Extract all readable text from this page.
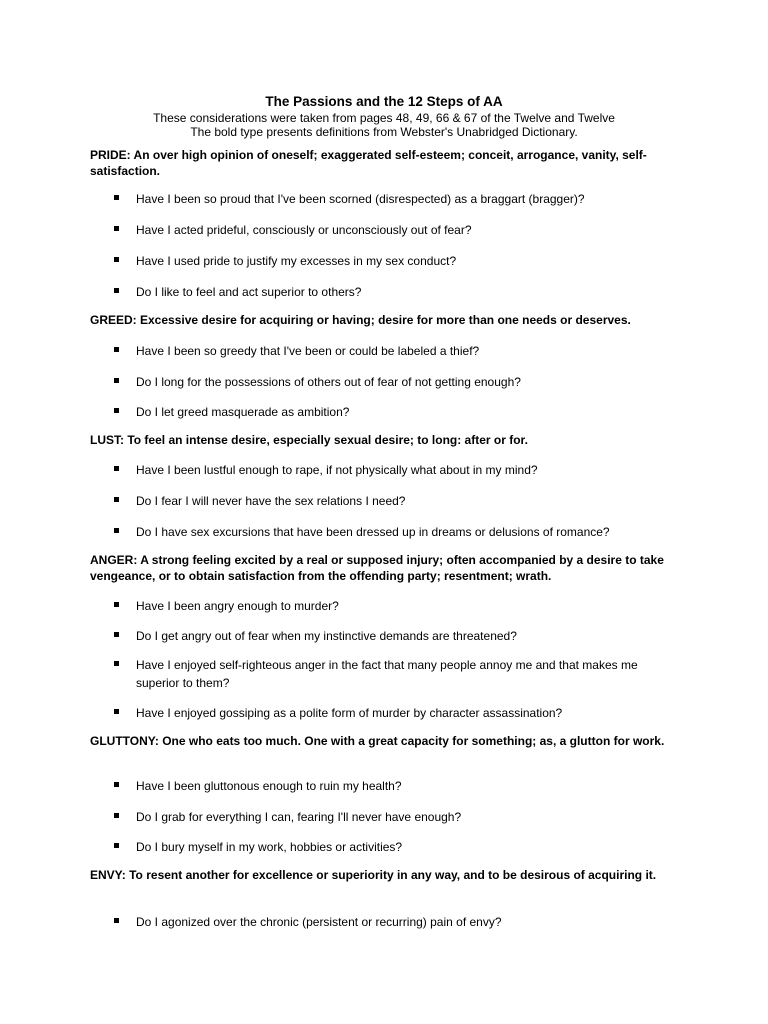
The Passions and the 12 Steps of AA
These considerations were taken from pages 48, 49, 66 & 67 of the Twelve and Twelve
The bold type presents definitions from Webster's Unabridged Dictionary.
PRIDE: An over high opinion of oneself; exaggerated self-esteem; conceit, arrogance, vanity, self-satisfaction.
Have I been so proud that I've been scorned (disrespected) as a braggart (bragger)?
Have I acted prideful, consciously or unconsciously out of fear?
Have I used pride to justify my excesses in my sex conduct?
Do I like to feel and act superior to others?
GREED: Excessive desire for acquiring or having; desire for more than one needs or deserves.
Have I been so greedy that I've been or could be labeled a thief?
Do I long for the possessions of others out of fear of not getting enough?
Do I let greed masquerade as ambition?
LUST: To feel an intense desire, especially sexual desire; to long: after or for.
Have I been lustful enough to rape, if not physically what about in my mind?
Do I fear I will never have the sex relations I need?
Do I have sex excursions that have been dressed up in dreams or delusions of romance?
ANGER: A strong feeling excited by a real or supposed injury; often accompanied by a desire to take vengeance, or to obtain satisfaction from the offending party; resentment; wrath.
Have I been angry enough to murder?
Do I get angry out of fear when my instinctive demands are threatened?
Have I enjoyed self-righteous anger in the fact that many people annoy me and that makes me superior to them?
Have I enjoyed gossiping as a polite form of murder by character assassination?
GLUTTONY: One who eats too much. One with a great capacity for something; as, a glutton for work.
Have I been gluttonous enough to ruin my health?
Do I grab for everything I can, fearing I'll never have enough?
Do I bury myself in my work, hobbies or activities?
ENVY: To resent another for excellence or superiority in any way, and to be desirous of acquiring it.
Do I agonized over the chronic (persistent or recurring) pain of envy?
